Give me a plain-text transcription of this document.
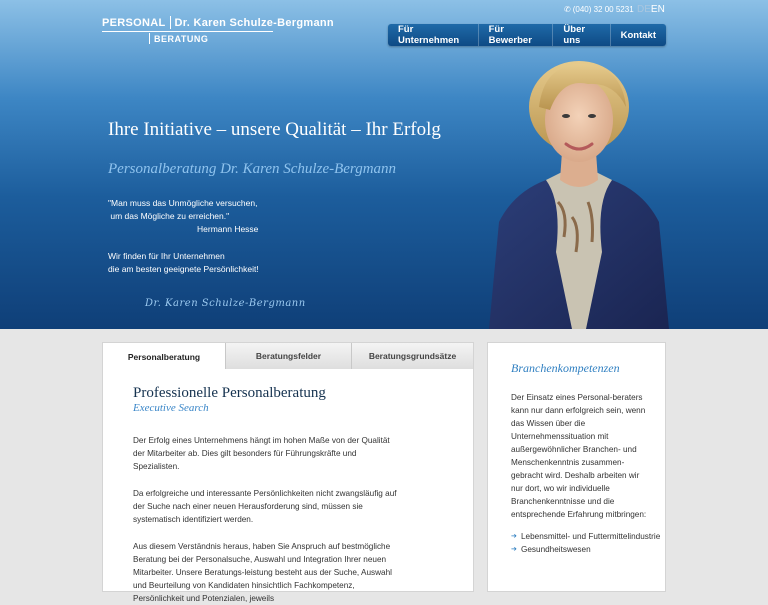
PERSONAL Dr. Karen Schulze-Bergmann
BERATUNG
✆ (040) 32 00 5231 DEEN
Für Unternehmen
Für Bewerber
Über uns	Kontakt
Ihre Initiative – unsere Qualität – Ihr Erfolg
Personalberatung Dr. Karen Schulze-Bergmann
"Man muss das Unmögliche versuchen,
um das Mögliche zu erreichen."
Hermann Hesse
Wir finden für Ihr Unternehmen
die am besten geeignete Persönlichkeit!
Dr. Karen Schulze-Bergmann
Personalberatung	Beratungsfelder	Beratungsgrundsätze
Professionelle Personalberatung
Executive Search

Der Erfolg eines Unternehmens hängt im hohen Maße von der Qualität der Mitarbeiter ab. Dies gilt besonders für Führungskräfte und Spezialisten.

Da erfolgreiche und interessante Persönlichkeiten nicht zwangsläufig auf der Suche nach einer neuen Herausforderung sind, müssen sie systematisch identifiziert werden.

Aus diesem Verständnis heraus, haben Sie Anspruch auf bestmögliche Beratung bei der Personalsuche, Auswahl und Integration Ihrer neuen Mitarbeiter. Unsere Beratungs-leistung besteht aus der Suche, Auswahl und Beurteilung von Kandidaten hinsichtlich Fachkompetenz, Persönlichkeit und Potenzialen, jeweils

Branchenkompetenzen

Der Einsatz eines Personal-beraters kann nur dann erfolgreich sein, wenn das Wissen über die Unternehmenssituation mit außergewöhnlicher Branchen- und Menschenkenntnis zusammen-gebracht wird. Deshalb arbeiten wir nur dort, wo wir individuelle Branchenkenntnisse und die entsprechende Erfahrung mitbringen:

➔ Lebensmittel- und Futtermittelindustrie
➔ Gesundheitswesen
